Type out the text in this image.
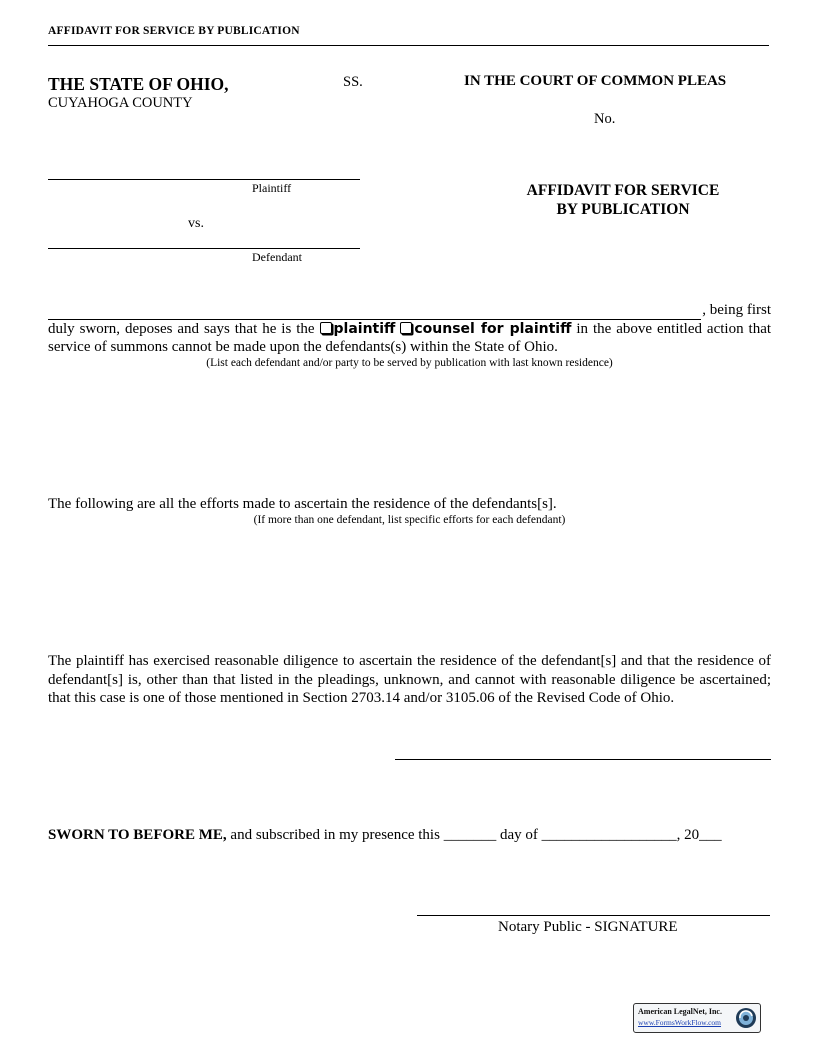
AFFIDAVIT FOR SERVICE BY PUBLICATION
THE STATE OF OHIO,
CUYAHOGA COUNTY
SS.	IN THE COURT OF COMMON PLEAS
No.
Plaintiff
vs.
Defendant
AFFIDAVIT FOR SERVICE
BY PUBLICATION
, being first
duly sworn, deposes and says that he is the plaintiff counsel for plaintiff in the above entitled action that service of summons cannot be made upon the defendants(s) within the State of Ohio.
(List each defendant and/or party to be served by publication with last known residence)
The following are all the efforts made to ascertain the residence of the defendants[s].
(If more than one defendant, list specific efforts for each defendant)
The plaintiff has exercised reasonable diligence to ascertain the residence of the defendant[s] and that the residence of defendant[s] is, other than that listed in the pleadings, unknown, and cannot with reasonable diligence be ascertained; that this case is one of those mentioned in Section 2703.14 and/or 3105.06 of the Revised Code of Ohio.
SWORN TO BEFORE ME, and subscribed in my presence this _______ day of __________________, 20___
Notary Public - SIGNATURE
American LegalNet, Inc.
www.FormsWorkFlow.com
